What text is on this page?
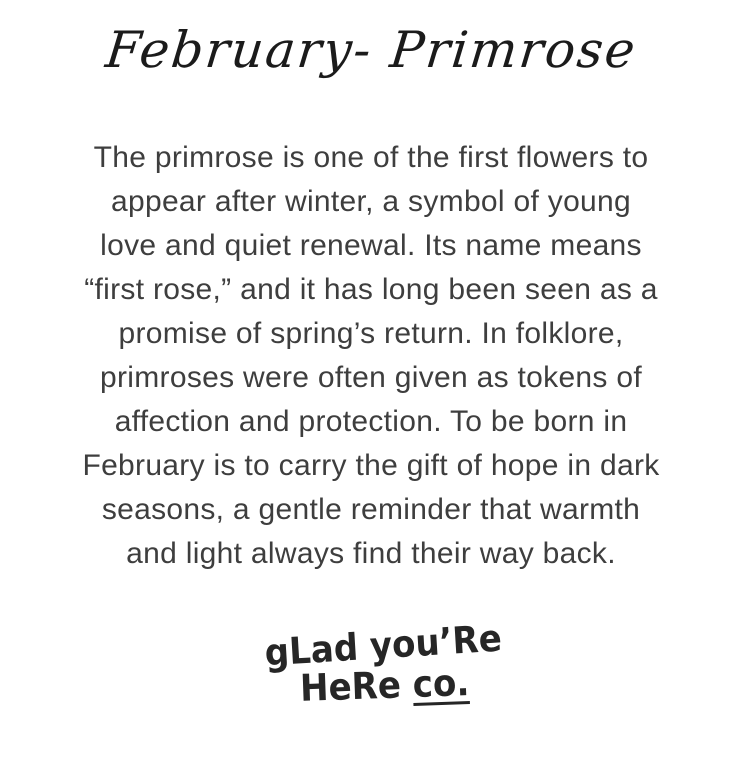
February- Primrose
The primrose is one of the first flowers to
appear after winter, a symbol of young
love and quiet renewal. Its name means
“first rose,” and it has long been seen as a
promise of spring’s return. In folklore,
primroses were often given as tokens of
affection and protection. To be born in
February is to carry the gift of hope in dark
seasons, a gentle reminder that warmth
and light always find their way back.
gLad you’Re
HeRe co.
